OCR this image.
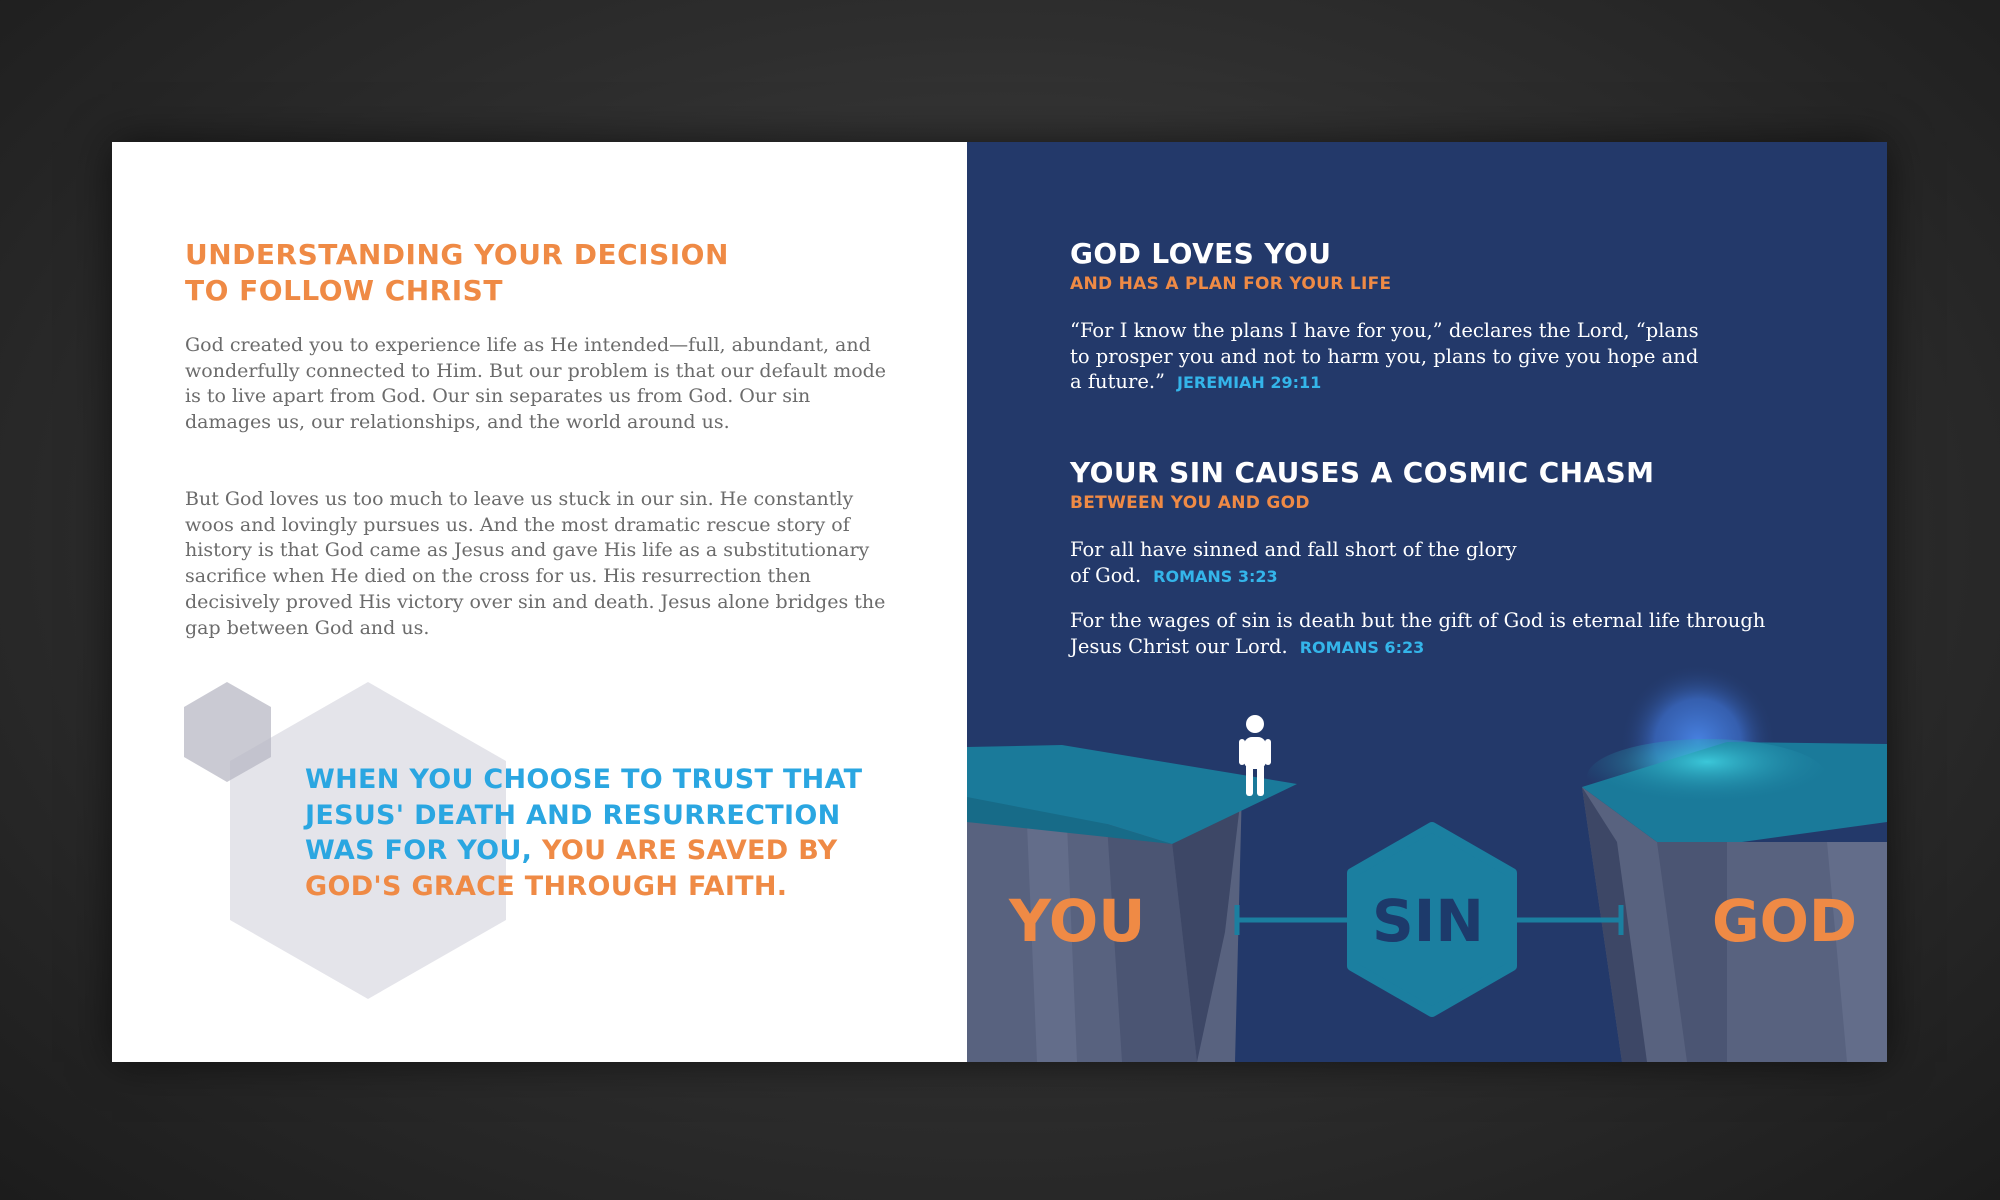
UNDERSTANDING YOUR DECISION
TO FOLLOW CHRIST

God created you to experience life as He intended—full, abundant, and wonderfully connected to Him. But our problem is that our default mode is to live apart from God. Our sin separates us from God. Our sin damages us, our relationships, and the world around us.

But God loves us too much to leave us stuck in our sin. He constantly woos and lovingly pursues us. And the most dramatic rescue story of history is that God came as Jesus and gave His life as a substitutionary sacrifice when He died on the cross for us. His resurrection then decisively proved His victory over sin and death. Jesus alone bridges the gap between God and us.

WHEN YOU CHOOSE TO TRUST THAT JESUS' DEATH AND RESURRECTION WAS FOR YOU, YOU ARE SAVED BY GOD'S GRACE THROUGH FAITH.

GOD LOVES YOU
AND HAS A PLAN FOR YOUR LIFE

“For I know the plans I have for you,” declares the Lord, “plans to prosper you and not to harm you, plans to give you hope and a future.” JEREMIAH 29:11

YOUR SIN CAUSES A COSMIC CHASM
BETWEEN YOU AND GOD

For all have sinned and fall short of the glory of God. ROMANS 3:23

For the wages of sin is death but the gift of God is eternal life through Jesus Christ our Lord. ROMANS 6:23

YOU	SIN	GOD
